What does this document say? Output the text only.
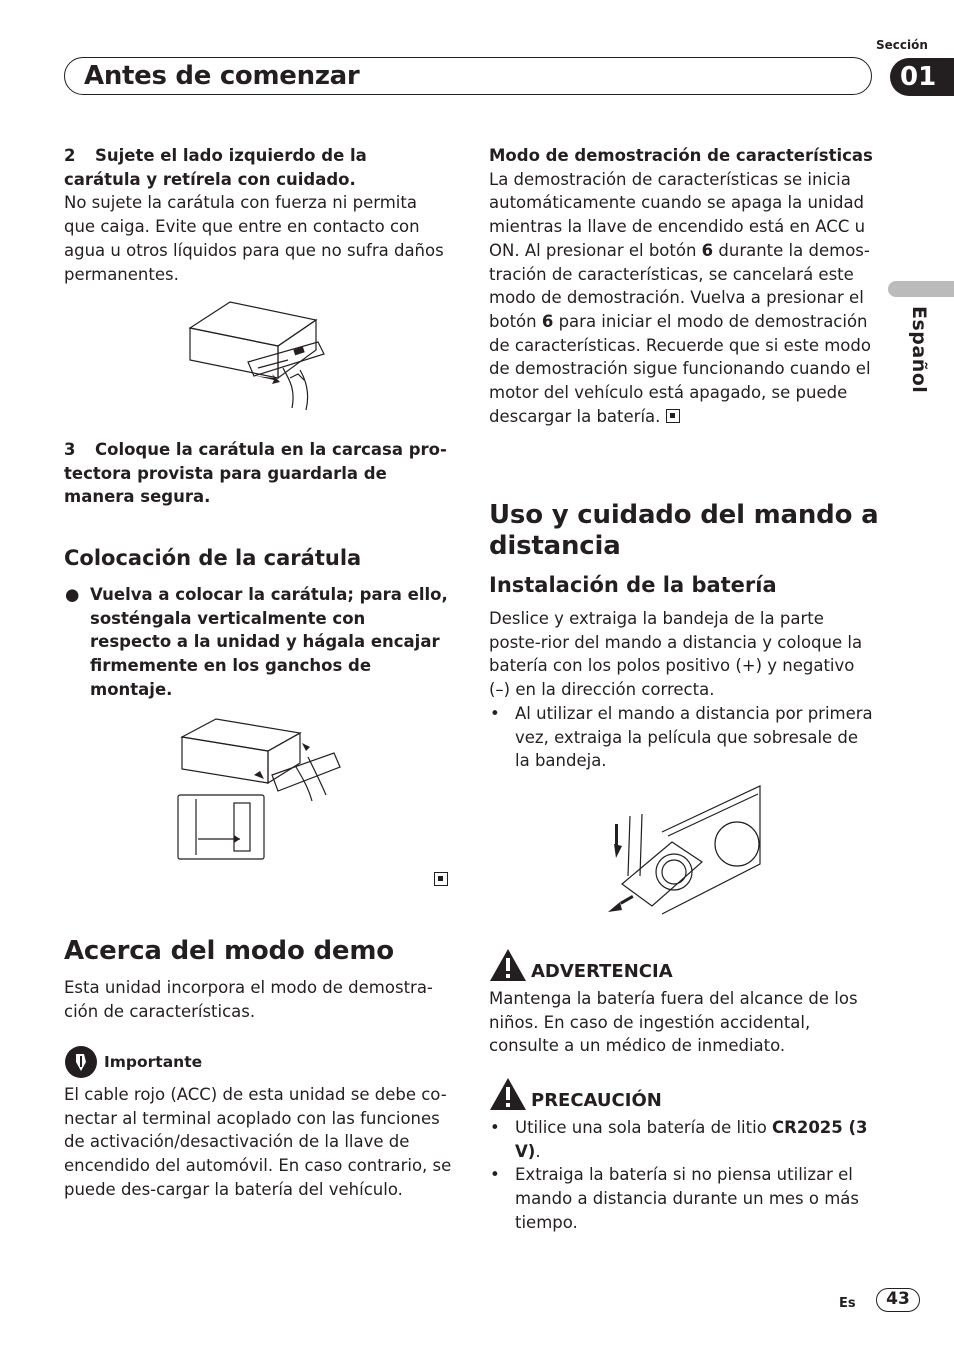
Sección
Antes de comenzar	01
Español

2 Sujete el lado izquierdo de la carátula y retírela con cuidado.

No sujete la carátula con fuerza ni permita que caiga. Evite que entre en contacto con agua u otros líquidos para que no sufra daños permanentes.

3 Coloque la carátula en la carcasa pro-tectora provista para guardarla de manera segura.

Colocación de la carátula

● Vuelva a colocar la carátula; para ello, sosténgala verticalmente con respecto a la unidad y hágala encajar firmemente en los ganchos de montaje.

Acerca del modo demo

Esta unidad incorpora el modo de demostra-ción de características.

Importante

El cable rojo (ACC) de esta unidad se debe co-nectar al terminal acoplado con las funciones de activación/desactivación de la llave de encendido del automóvil. En caso contrario, se puede des-cargar la batería del vehículo.

Modo de demostración de características

La demostración de características se inicia automáticamente cuando se apaga la unidad mientras la llave de encendido está en ACC u ON. Al presionar el botón 6 durante la demos-tración de características, se cancelará este modo de demostración. Vuelva a presionar el botón 6 para iniciar el modo de demostración de características. Recuerde que si este modo de demostración sigue funcionando cuando el motor del vehículo está apagado, se puede descargar la batería.

Uso y cuidado del mando a distancia
Instalación de la batería

Deslice y extraiga la bandeja de la parte poste-rior del mando a distancia y coloque la batería con los polos positivo (+) y negativo (–) en la dirección correcta.

• Al utilizar el mando a distancia por primera vez, extraiga la película que sobresale de la bandeja.

ADVERTENCIA

Mantenga la batería fuera del alcance de los niños. En caso de ingestión accidental, consulte a un médico de inmediato.

PRECAUCIÓN

• Utilice una sola batería de litio CR2025 (3 V).

• Extraiga la batería si no piensa utilizar el mando a distancia durante un mes o más tiempo.

Es	43
